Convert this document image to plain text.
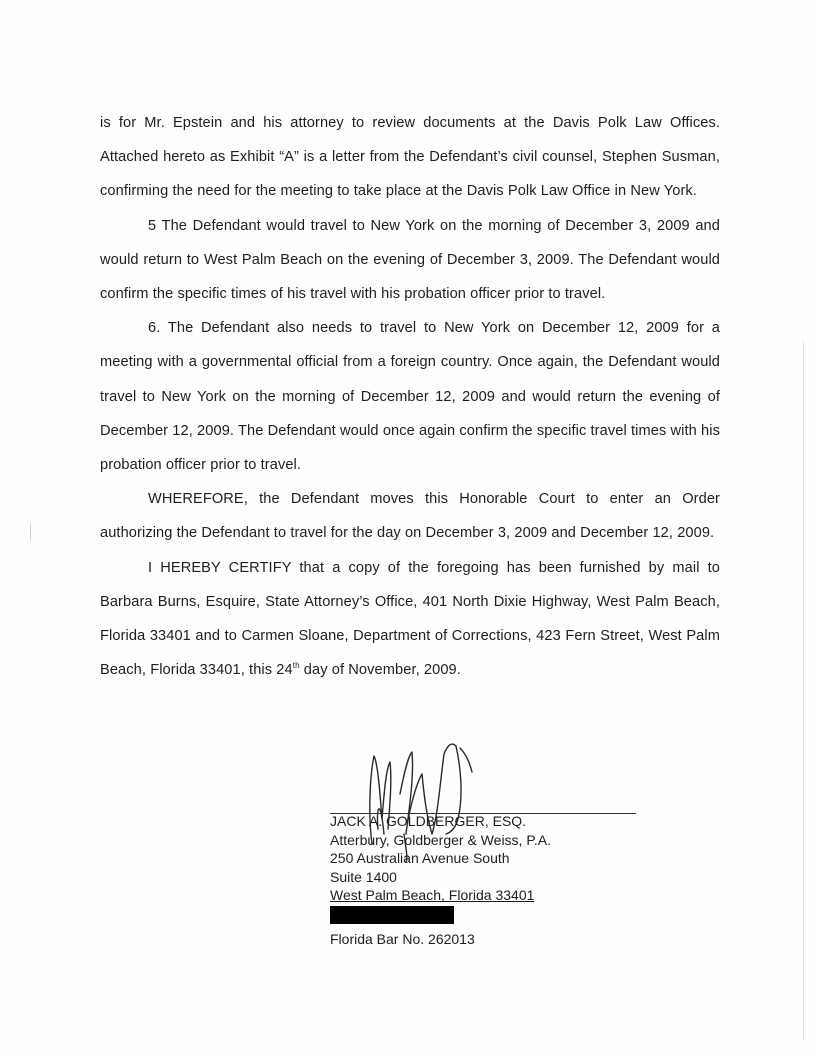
is for Mr. Epstein and his attorney to review documents at the Davis Polk Law Offices. Attached hereto as Exhibit “A” is a letter from the Defendant’s civil counsel, Stephen Susman, confirming the need for the meeting to take place at the Davis Polk Law Office in New York.

5 The Defendant would travel to New York on the morning of December 3, 2009 and would return to West Palm Beach on the evening of December 3, 2009. The Defendant would confirm the specific times of his travel with his probation officer prior to travel.

6. The Defendant also needs to travel to New York on December 12, 2009 for a meeting with a governmental official from a foreign country. Once again, the Defendant would travel to New York on the morning of December 12, 2009 and would return the evening of December 12, 2009. The Defendant would once again confirm the specific travel times with his probation officer prior to travel.

WHEREFORE, the Defendant moves this Honorable Court to enter an Order authorizing the Defendant to travel for the day on December 3, 2009 and December 12, 2009.

I HEREBY CERTIFY that a copy of the foregoing has been furnished by mail to Barbara Burns, Esquire, State Attorney’s Office, 401 North Dixie Highway, West Palm Beach, Florida 33401 and to Carmen Sloane, Department of Corrections, 423 Fern Street, West Palm Beach, Florida 33401, this 24th day of November, 2009.

JACK A. GOLDBERGER, ESQ.
Atterbury, Goldberger & Weiss, P.A.
250 Australian Avenue South
Suite 1400
West Palm Beach, Florida 33401
Florida Bar No. 262013
